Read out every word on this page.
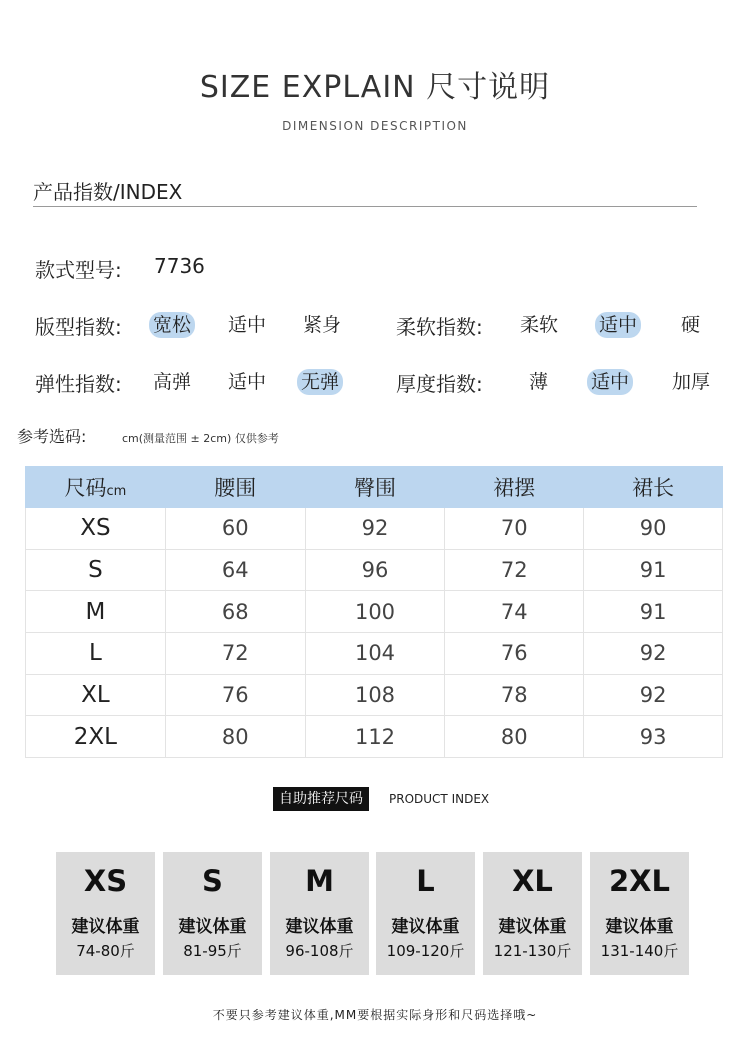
SIZE EXPLAIN 尺寸说明
DIMENSION DESCRIPTION
产品指数/INDEX
款式型号: 7736
版型指数: 宽松 适中 紧身	柔软指数: 柔软 适中 硬
弹性指数: 高弹 适中 无弹	厚度指数: 薄 适中 加厚
参考选码:	cm(测量范围 ± 2cm) 仅供参考
尺码cm	腰围	臀围	裙摆	裙长
XS	60	92	70	90
S	64	96	72	91
M	68	100	74	91
L	72	104	76	92
XL	76	108	78	92
2XL	80	112	80	93
自助推荐尺码	PRODUCT INDEX
XS
建议体重
74-80斤
S
建议体重
81-95斤
M
建议体重
96-108斤
L
建议体重
109-120斤
XL
建议体重
121-130斤
2XL
建议体重
131-140斤
不要只参考建议体重,MM要根据实际身形和尺码选择哦~
